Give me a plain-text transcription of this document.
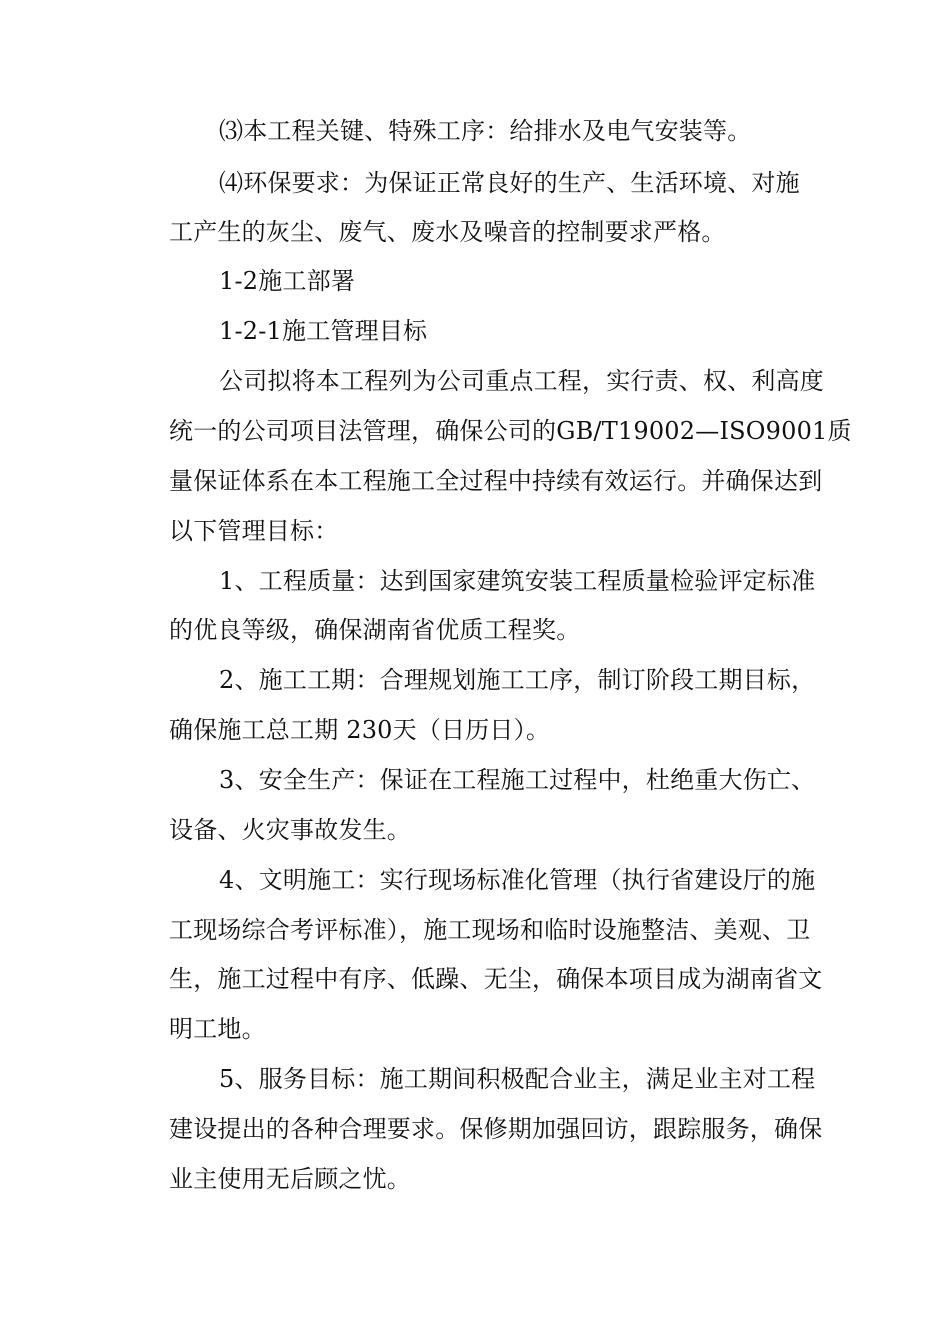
⑶本工程关键、特殊工序：给排水及电气安装等。
⑷环保要求：为保证正常良好的生产、生活环境、对施
工产生的灰尘、废气、废水及噪音的控制要求严格。
1-2施工部署
1-2-1施工管理目标
公司拟将本工程列为公司重点工程，实行责、权、利高度
统一的公司项目法管理，确保公司的GB/T19002—ISO9001质
量保证体系在本工程施工全过程中持续有效运行。并确保达到
以下管理目标：
1、工程质量：达到国家建筑安装工程质量检验评定标准
的优良等级，确保湖南省优质工程奖。
2、施工工期：合理规划施工工序，制订阶段工期目标，
确保施工总工期 230天（日历日）。
3、安全生产：保证在工程施工过程中，杜绝重大伤亡、
设备、火灾事故发生。
4、文明施工：实行现场标准化管理（执行省建设厅的施
工现场综合考评标准），施工现场和临时设施整洁、美观、卫
生，施工过程中有序、低躁、无尘，确保本项目成为湖南省文
明工地。
5、服务目标：施工期间积极配合业主，满足业主对工程
建设提出的各种合理要求。保修期加强回访，跟踪服务，确保
业主使用无后顾之忧。
